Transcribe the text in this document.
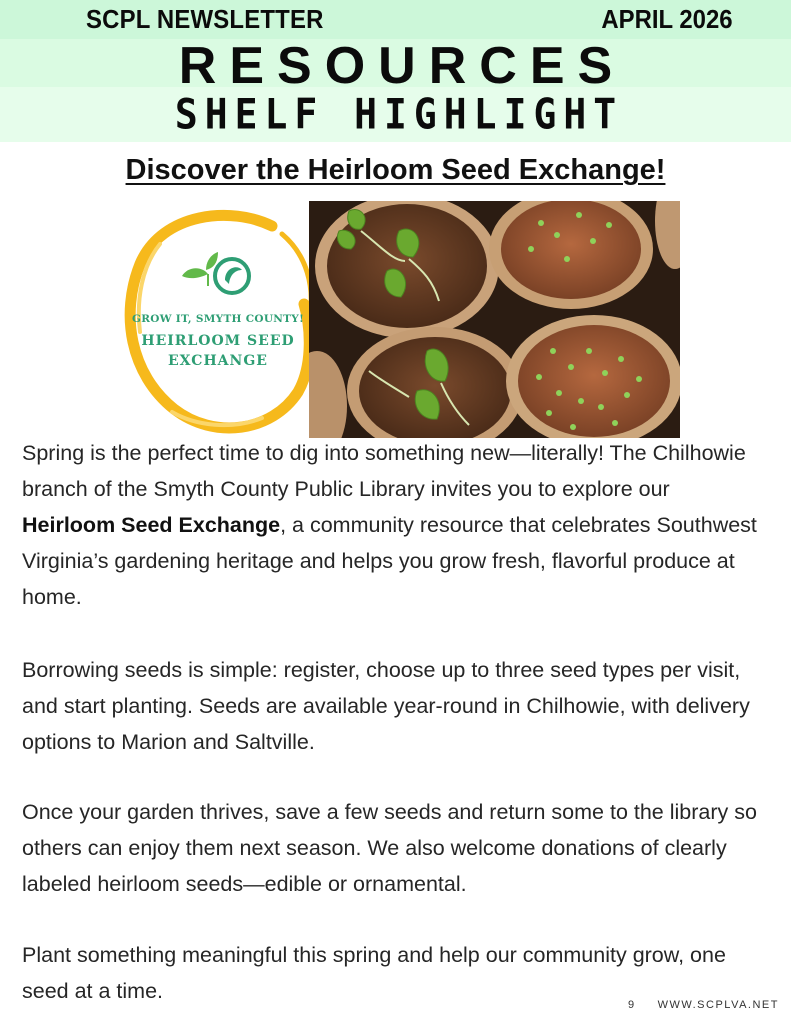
SCPL NEWSLETTER	APRIL 2026
RESOURCES
SHELF HIGHLIGHT
Discover the Heirloom Seed Exchange!
GROW IT, SMYTH COUNTY!
HEIRLOOM SEED
EXCHANGE

Spring is the perfect time to dig into something new—literally! The Chilhowie branch of the Smyth County Public Library invites you to explore our Heirloom Seed Exchange, a community resource that celebrates Southwest Virginia’s gardening heritage and helps you grow fresh, flavorful produce at home.

Borrowing seeds is simple: register, choose up to three seed types per visit, and start planting. Seeds are available year-round in Chilhowie, with delivery options to Marion and Saltville.

Once your garden thrives, save a few seeds and return some to the library so others can enjoy them next season. We also welcome donations of clearly labeled heirloom seeds—edible or ornamental.

Plant something meaningful this spring and help our community grow, one seed at a time.

9 WWW.SCPLVA.NET
